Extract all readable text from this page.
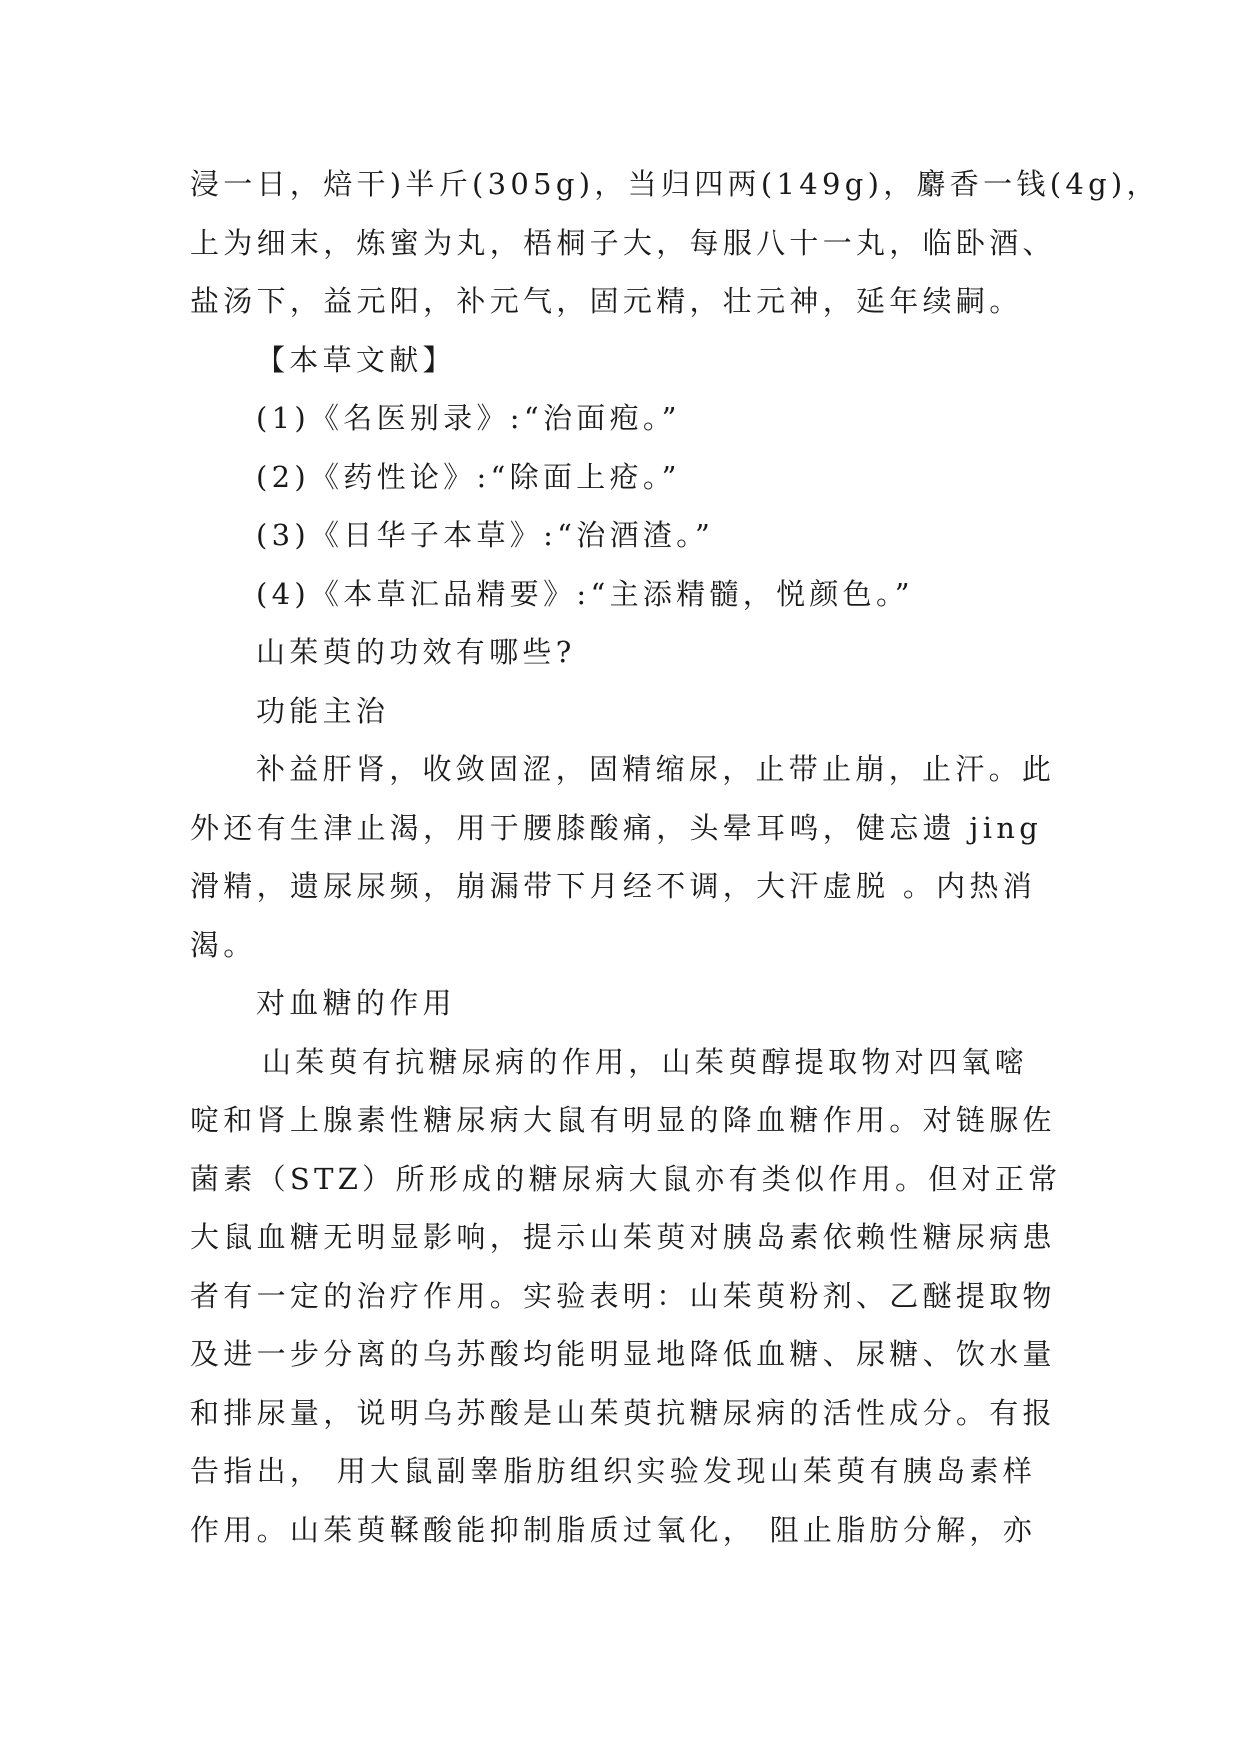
浸一日，焙干)半斤(305g)，当归四两(149g)，麝香一钱(4g)，
上为细末，炼蜜为丸，梧桐子大，每服八十一丸，临卧酒、
盐汤下，益元阳，补元气，固元精，壮元神，延年续嗣。
【本草文献】
(1)《名医别录》:“治面疱。”
(2)《药性论》:“除面上疮。”
(3)《日华子本草》:“治酒渣。”
(4)《本草汇品精要》:“主添精髓，悦颜色。”
山茱萸的功效有哪些?
功能主治
补益肝肾，收敛固涩，固精缩尿，止带止崩，止汗。此
外还有生津止渴，用于腰膝酸痛，头晕耳鸣，健忘遗 jing
滑精，遗尿尿频，崩漏带下月经不调，大汗虚脱 。内热消
渴。
对血糖的作用
山茱萸有抗糖尿病的作用，山茱萸醇提取物对四氧嘧
啶和肾上腺素性糖尿病大鼠有明显的降血糖作用。对链脲佐
菌素（STZ）所形成的糖尿病大鼠亦有类似作用。但对正常
大鼠血糖无明显影响，提示山茱萸对胰岛素依赖性糖尿病患
者有一定的治疗作用。实验表明：山茱萸粉剂、乙醚提取物
及进一步分离的乌苏酸均能明显地降低血糖、尿糖、饮水量
和排尿量，说明乌苏酸是山茱萸抗糖尿病的活性成分。有报
告指出， 用大鼠副睾脂肪组织实验发现山茱萸有胰岛素样
作用。山茱萸鞣酸能抑制脂质过氧化， 阻止脂肪分解，亦
